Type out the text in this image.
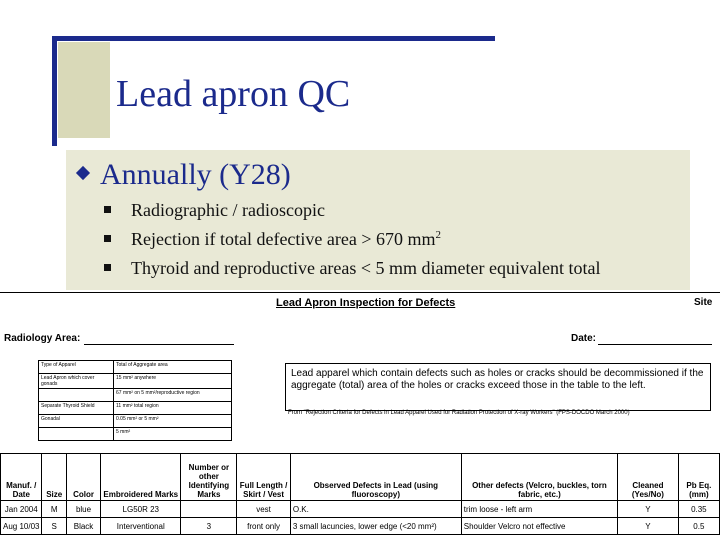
Lead apron QC
Annually (Y28)
Radiographic / radioscopic
Rejection if total defective area > 670 $mm^2$
Thyroid and reproductive areas < 5 mm diameter equivalent total
Lead Apron Inspection for Defects	Site
Radiology Area:	Date:
Type of Apparel	Total of Aggregate area
Lead Apron which cover gonads	15 mm² anywhere
	67 mm² on 5 mm²/reproductive region
Separate Thyroid Shield	11 mm² total region
Gonadal	0.05 mm² or 5 mm²
	5 mm²
Lead apparel which contain defects such as holes or cracks should be decommissioned if the aggregate (total) area of the holes or cracks exceed those in the table to the left.
From "Rejection Criteria for Defects in Lead Apparel Used for Radiation Protection of X-ray Workers" (FPS-DOCDO March 2000)
Manuf. / Date	Size	Color	Embroidered Marks	Number or other Identifying Marks	Full Length / Skirt / Vest	Observed Defects in Lead (using fluoroscopy)	Other defects (Velcro, buckles, torn fabric, etc.)	Cleaned (Yes/No)	Pb Eq. (mm)
Jan 2004	M	blue	LG50R 23		vest	O.K.	trim loose - left arm	Y	0.35
Aug 10/03	S	Black	Interventional	3	front only	3 small lacuncies, lower edge (<20 mm²)	Shoulder Velcro not effective	Y	0.5
